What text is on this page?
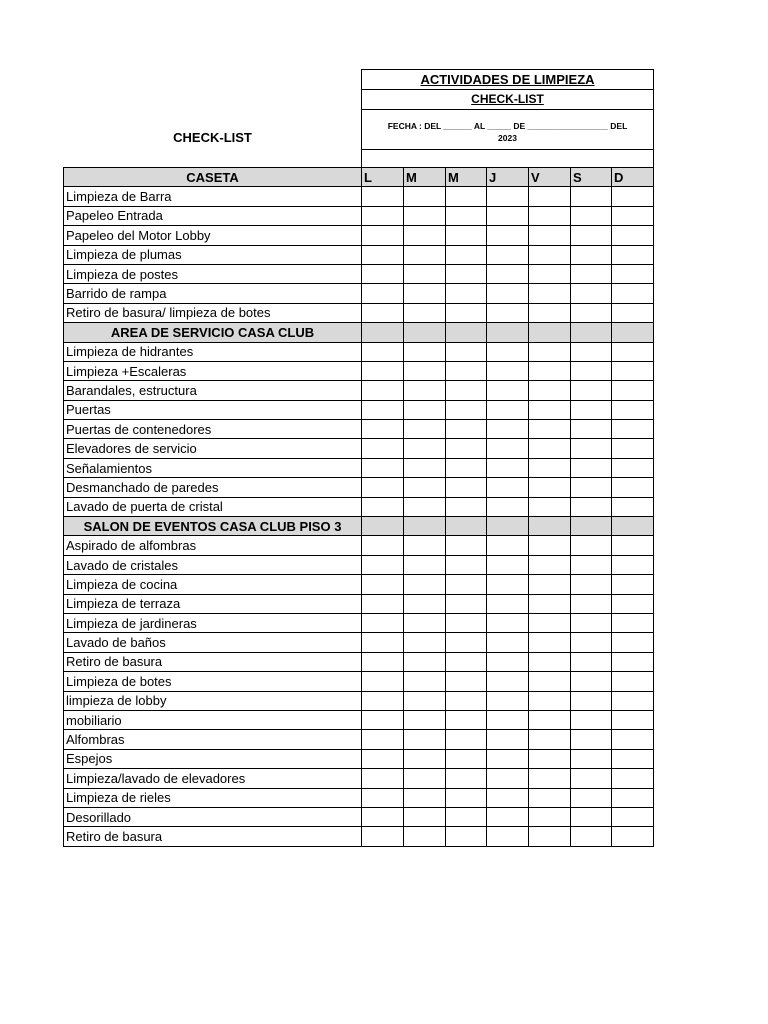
CHECK-LIST
ACTIVIDADES DE LIMPIEZA
CHECK-LIST
FECHA : DEL ______ AL _____ DE _________________ DEL
2023
CASETA	L	M	M	J	V	S	D
Limpieza de Barra							
Papeleo Entrada							
Papeleo del Motor Lobby							
Limpieza de plumas							
Limpieza de postes							
Barrido de rampa							
Retiro de basura/ limpieza de botes							
AREA DE SERVICIO CASA CLUB							
Limpieza de hidrantes							
Limpieza +Escaleras							
Barandales, estructura							
Puertas							
Puertas de contenedores							
Elevadores de servicio							
Señalamientos							
Desmanchado de paredes							
Lavado de puerta de cristal							
SALON DE EVENTOS CASA CLUB PISO 3							
Aspirado de alfombras							
Lavado de cristales							
Limpieza de cocina							
Limpieza de terraza							
Limpieza de jardineras							
Lavado de baños							
Retiro de basura							
Limpieza de botes							
limpieza de lobby							
mobiliario							
Alfombras							
Espejos							
Limpieza/lavado de elevadores							
Limpieza de rieles							
Desorillado							
Retiro de basura							
